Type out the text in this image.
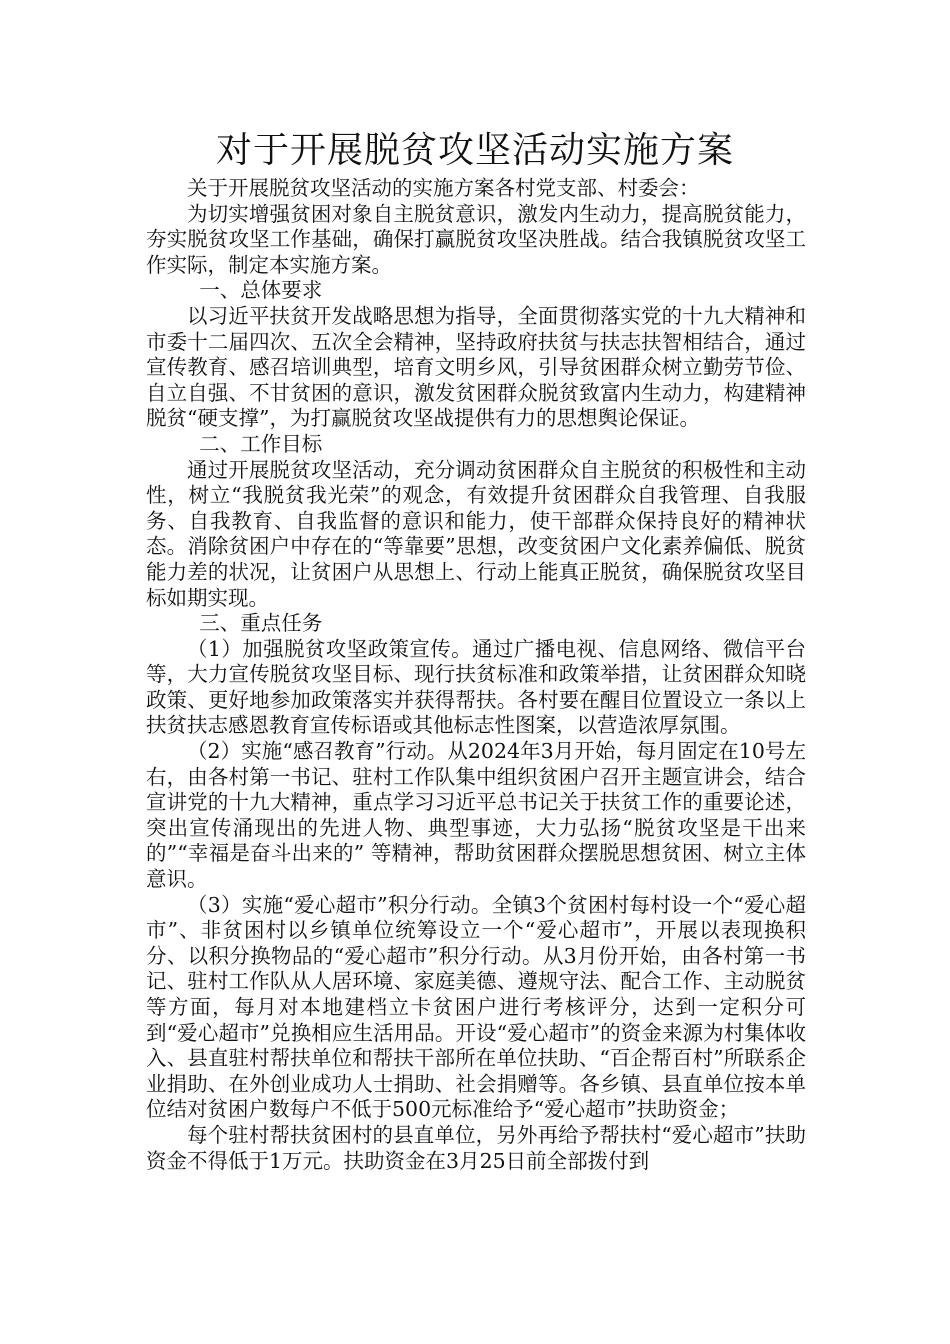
对于开展脱贫攻坚活动实施方案

关于开展脱贫攻坚活动的实施方案各村党支部、村委会：

为切实增强贫困对象自主脱贫意识，激发内生动力，提高脱贫能力，夯实脱贫攻坚工作基础，确保打赢脱贫攻坚决胜战。结合我镇脱贫攻坚工作实际，制定本实施方案。

一、总体要求

以习近平扶贫开发战略思想为指导，全面贯彻落实党的十九大精神和市委十二届四次、五次全会精神，坚持政府扶贫与扶志扶智相结合，通过宣传教育、感召培训典型，培育文明乡风，引导贫困群众树立勤劳节俭、自立自强、不甘贫困的意识，激发贫困群众脱贫致富内生动力，构建精神脱贫“硬支撑”，为打赢脱贫攻坚战提供有力的思想舆论保证。

二、工作目标

通过开展脱贫攻坚活动，充分调动贫困群众自主脱贫的积极性和主动性，树立“我脱贫我光荣”的观念，有效提升贫困群众自我管理、自我服务、自我教育、自我监督的意识和能力，使干部群众保持良好的精神状态。消除贫困户中存在的“等靠要”思想，改变贫困户文化素养偏低、脱贫能力差的状况，让贫困户从思想上、行动上能真正脱贫，确保脱贫攻坚目标如期实现。

三、重点任务

（1）加强脱贫攻坚政策宣传。通过广播电视、信息网络、微信平台等，大力宣传脱贫攻坚目标、现行扶贫标准和政策举措，让贫困群众知晓政策、更好地参加政策落实并获得帮扶。各村要在醒目位置设立一条以上扶贫扶志感恩教育宣传标语或其他标志性图案，以营造浓厚氛围。

（2）实施“感召教育”行动。从2024年3月开始，每月固定在10号左右，由各村第一书记、驻村工作队集中组织贫困户召开主题宣讲会，结合宣讲党的十九大精神，重点学习习近平总书记关于扶贫工作的重要论述，突出宣传涌现出的先进人物、典型事迹，大力弘扬“脱贫攻坚是干出来的”“幸福是奋斗出来的” 等精神，帮助贫困群众摆脱思想贫困、树立主体意识。

（3）实施“爱心超市”积分行动。全镇3个贫困村每村设一个“爱心超市”、非贫困村以乡镇单位统筹设立一个“爱心超市”，开展以表现换积分、以积分换物品的“爱心超市”积分行动。从3月份开始，由各村第一书记、驻村工作队从人居环境、家庭美德、遵规守法、配合工作、主动脱贫等方面，每月对本地建档立卡贫困户进行考核评分，达到一定积分可到“爱心超市”兑换相应生活用品。开设“爱心超市”的资金来源为村集体收入、县直驻村帮扶单位和帮扶干部所在单位扶助、“百企帮百村”所联系企业捐助、在外创业成功人士捐助、社会捐赠等。各乡镇、县直单位按本单位结对贫困户数每户不低于500元标准给予“爱心超市”扶助资金；

每个驻村帮扶贫困村的县直单位，另外再给予帮扶村“爱心超市”扶助资金不得低于1万元。扶助资金在3月25日前全部拨付到
